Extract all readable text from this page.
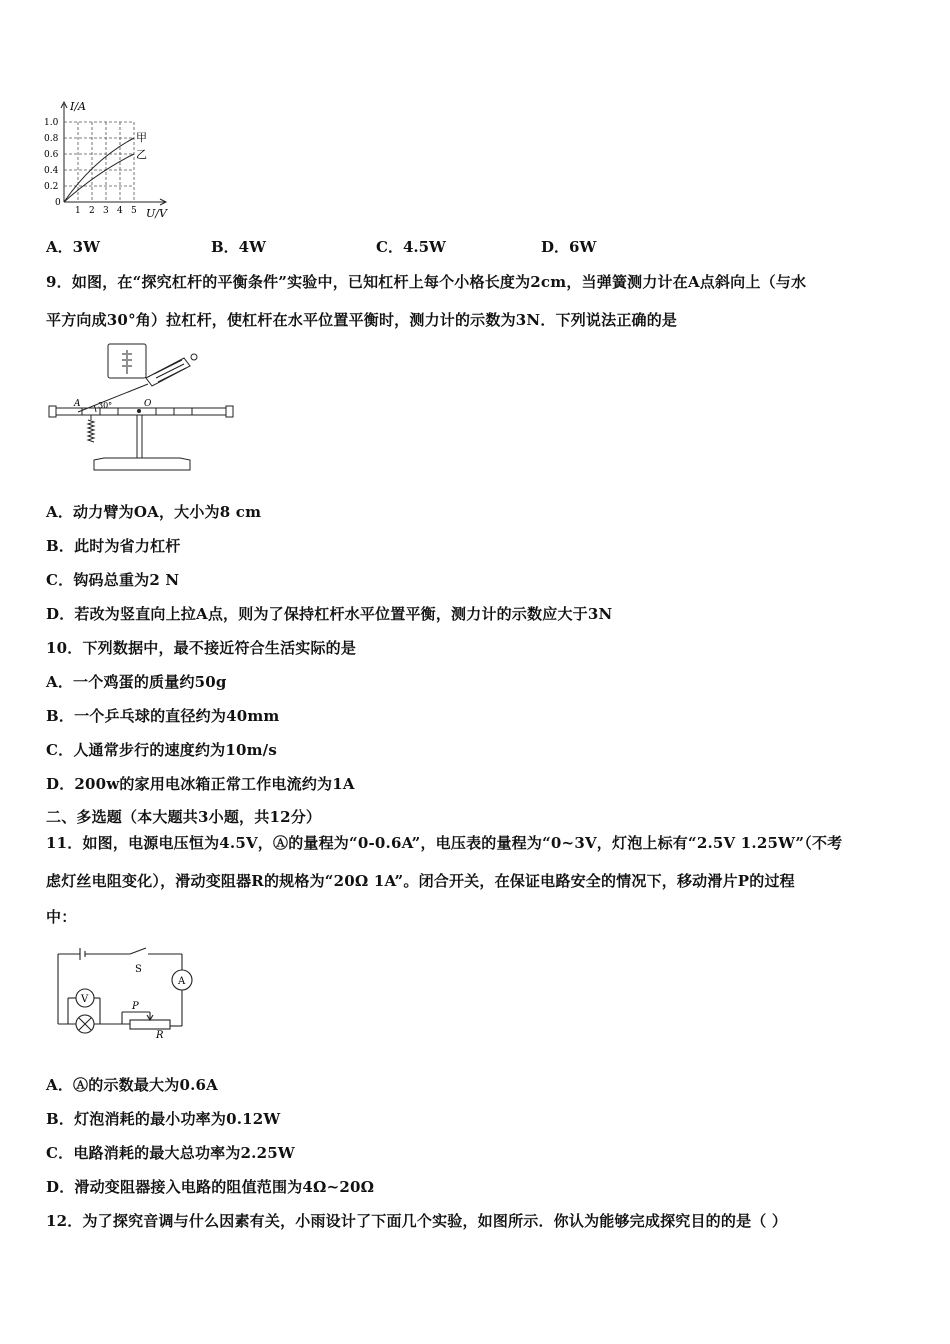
I/A
1.0
0.8
0.6
0.4
0.2
0
1 2 3 4 5 U/V
甲
乙
A．3W	B．4W	C．4.5W	D．6W
9．如图，在“探究杠杆的平衡条件”实验中，已知杠杆上每个小格长度为2cm，当弹簧测力计在A点斜向上（与水
平方向成30°角）拉杠杆，使杠杆在水平位置平衡时，测力计的示数为3N．下列说法正确的是
A 30°	O
A．动力臂为OA，大小为8 cm
B．此时为省力杠杆
C．钩码总重为2 N
D．若改为竖直向上拉A点，则为了保持杠杆水平位置平衡，测力计的示数应大于3N
10．下列数据中，最不接近符合生活实际的是
A．一个鸡蛋的质量约50g
B．一个乒乓球的直径约为40mm
C．人通常步行的速度约为10m/s
D．200w的家用电冰箱正常工作电流约为1A
二、多选题（本大题共3小题，共12分）
11．如图，电源电压恒为4.5V，Ⓐ的量程为“0-0.6A”，电压表的量程为“0~3V，灯泡上标有“2.5V 1.25W”（不考
虑灯丝电阻变化），滑动变阻器R的规格为“20Ω 1A”。闭合开关，在保证电路安全的情况下，移动滑片P的过程
中：
S
A
V
P
R
A．Ⓐ的示数最大为0.6A
B．灯泡消耗的最小功率为0.12W
C．电路消耗的最大总功率为2.25W
D．滑动变阻器接入电路的阻值范围为4Ω~20Ω
12．为了探究音调与什么因素有关，小雨设计了下面几个实验，如图所示．你认为能够完成探究目的的是（ ）
